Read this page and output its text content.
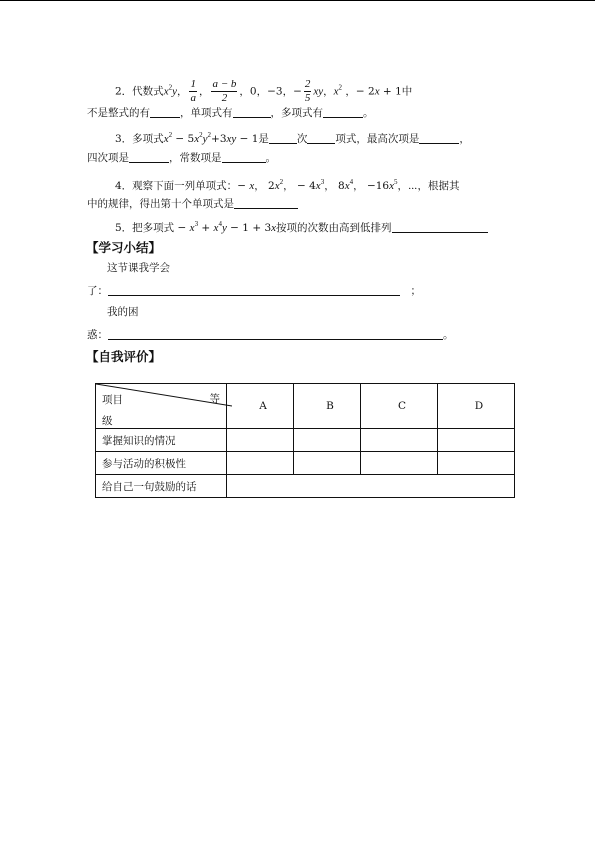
2．代数式$x^2y$， $\frac{1}{a}$ ， $\frac{a - b}{2}$ ，0，−3，− $\frac{2}{5}$ xy，$x^2$ ，− 2x + 1中
不是整式的有	，单项式有	，多项式有	。
3．多项式$x^2 - 5x^2y^2+3xy - 1$是	次	项式，最高次项是	，
四次项是	，常数项是	。
4．观察下面一列单项式：− x， $2x^2$， − $4x^3$， $8x^4$， $-16x^5$，⋯，根据其
中的规律，得出第十个单项式是
5．把多项式 − $x^3 + x^4y - 1 + 3x$按项的次数由高到低排列
【学习小结】
这节课我学会
了：　	；
我的困
惑：	。
【自我评价】
项目 等
级	A	B	C	D
掌握知识的情况				
参与活动的积极性				
给自己一句鼓励的话				
